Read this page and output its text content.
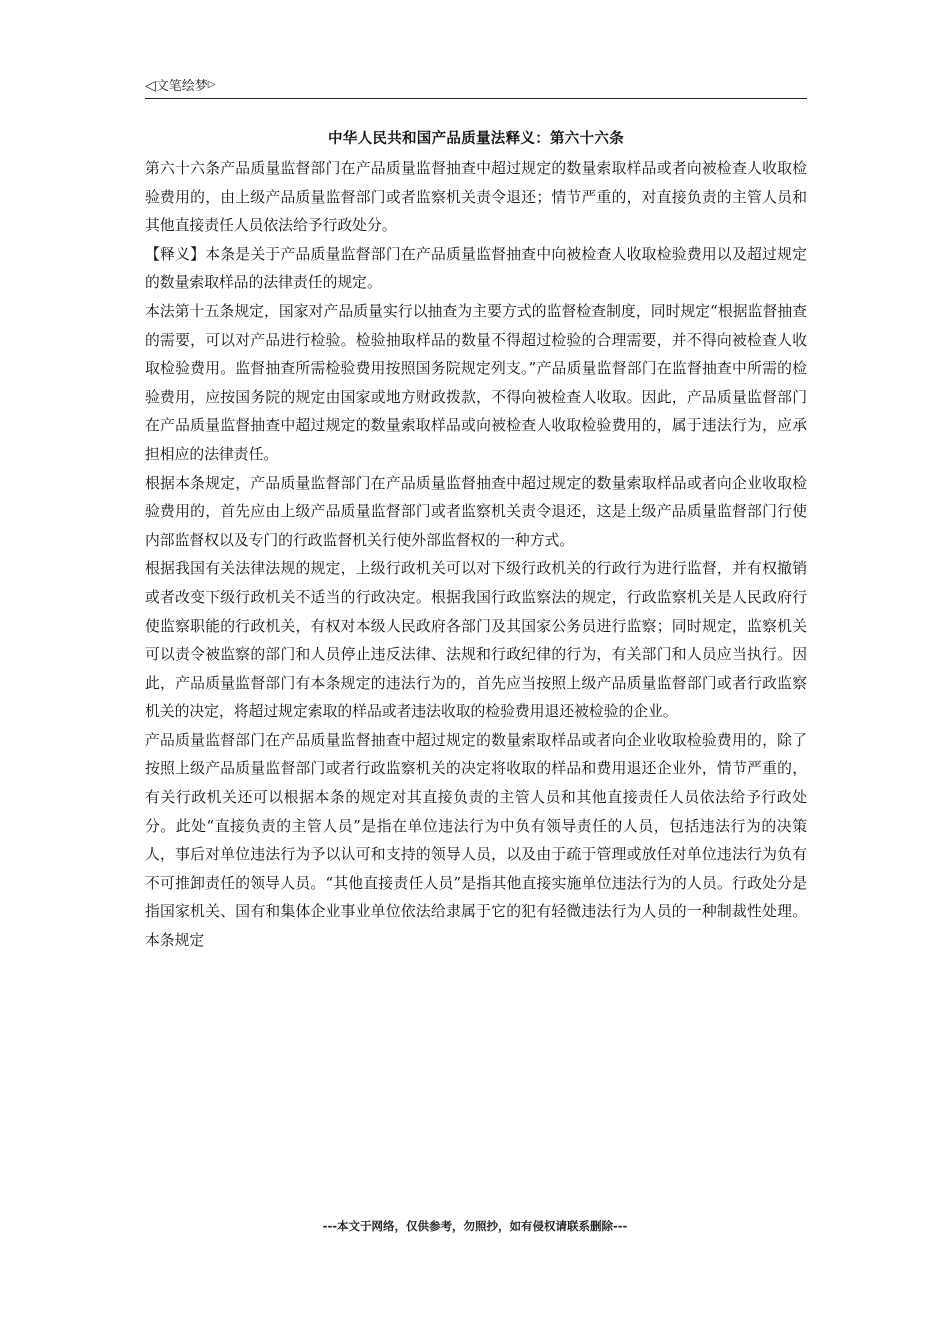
◁文笔绘梦▷
中华人民共和国产品质量法释义：第六十六条

第六十六条产品质量监督部门在产品质量监督抽查中超过规定的数量索取样品或者向被检查人收取检验费用的，由上级产品质量监督部门或者监察机关责令退还；情节严重的，对直接负责的主管人员和其他直接责任人员依法给予行政处分。

【释义】本条是关于产品质量监督部门在产品质量监督抽查中向被检查人收取检验费用以及超过规定的数量索取样品的法律责任的规定。

本法第十五条规定，国家对产品质量实行以抽查为主要方式的监督检查制度，同时规定“根据监督抽查的需要，可以对产品进行检验。检验抽取样品的数量不得超过检验的合理需要，并不得向被检查人收取检验费用。监督抽查所需检验费用按照国务院规定列支。”产品质量监督部门在监督抽查中所需的检验费用，应按国务院的规定由国家或地方财政拨款，不得向被检查人收取。因此，产品质量监督部门在产品质量监督抽查中超过规定的数量索取样品或向被检查人收取检验费用的，属于违法行为，应承担相应的法律责任。

根据本条规定，产品质量监督部门在产品质量监督抽查中超过规定的数量索取样品或者向企业收取检验费用的，首先应由上级产品质量监督部门或者监察机关责令退还，这是上级产品质量监督部门行使内部监督权以及专门的行政监督机关行使外部监督权的一种方式。

根据我国有关法律法规的规定，上级行政机关可以对下级行政机关的行政行为进行监督，并有权撤销或者改变下级行政机关不适当的行政决定。根据我国行政监察法的规定，行政监察机关是人民政府行使监察职能的行政机关，有权对本级人民政府各部门及其国家公务员进行监察；同时规定，监察机关可以责令被监察的部门和人员停止违反法律、法规和行政纪律的行为，有关部门和人员应当执行。因此，产品质量监督部门有本条规定的违法行为的，首先应当按照上级产品质量监督部门或者行政监察机关的决定，将超过规定索取的样品或者违法收取的检验费用退还被检验的企业。

产品质量监督部门在产品质量监督抽查中超过规定的数量索取样品或者向企业收取检验费用的，除了按照上级产品质量监督部门或者行政监察机关的决定将收取的样品和费用退还企业外，情节严重的，有关行政机关还可以根据本条的规定对其直接负责的主管人员和其他直接责任人员依法给予行政处分。此处“直接负责的主管人员”是指在单位违法行为中负有领导责任的人员，包括违法行为的决策人，事后对单位违法行为予以认可和支持的领导人员，以及由于疏于管理或放任对单位违法行为负有不可推卸责任的领导人员。“其他直接责任人员”是指其他直接实施单位违法行为的人员。行政处分是指国家机关、国有和集体企业事业单位依法给隶属于它的犯有轻微违法行为人员的一种制裁性处理。本条规定

---本文于网络，仅供参考，勿照抄，如有侵权请联系删除---
